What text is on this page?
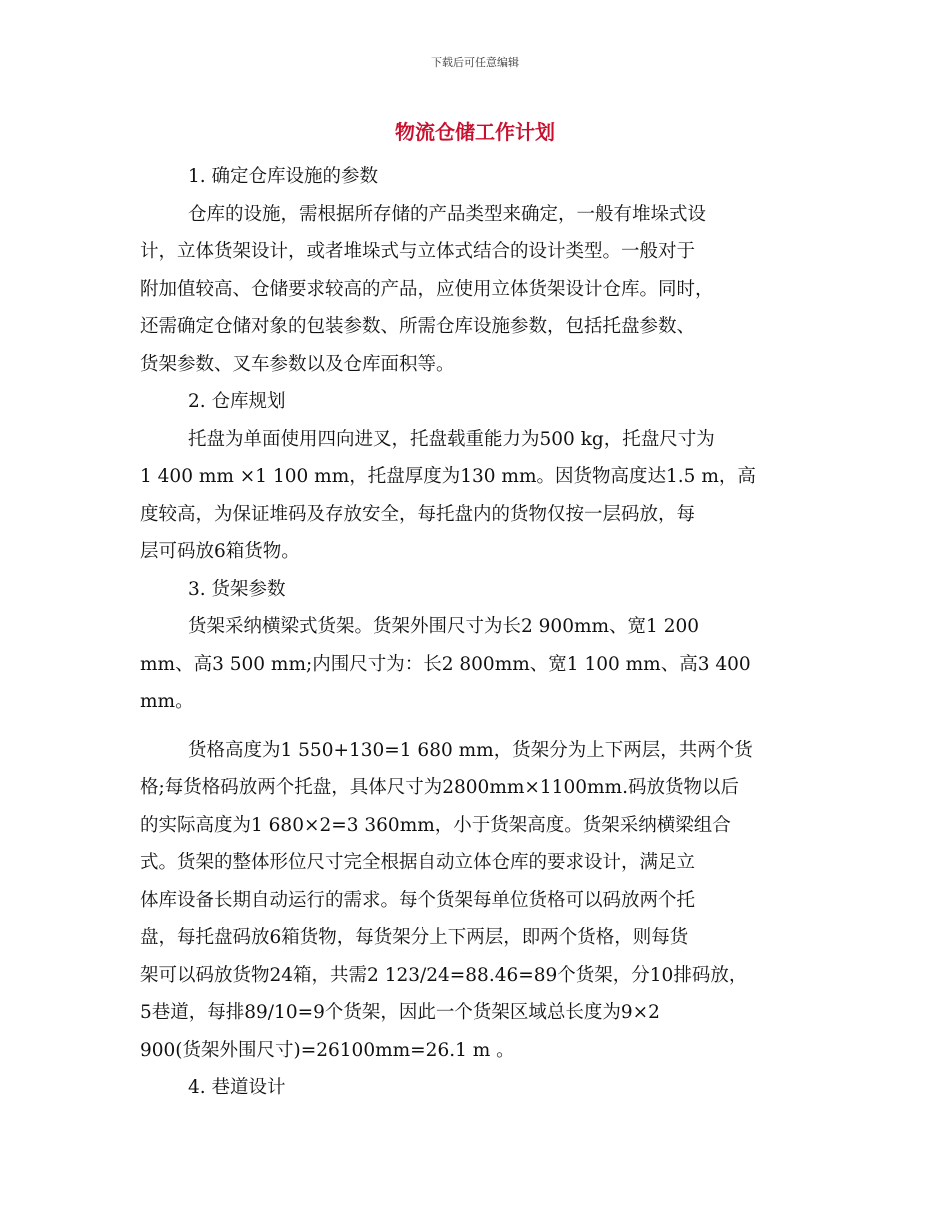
下载后可任意编辑
物流仓储工作计划
1. 确定仓库设施的参数
仓库的设施，需根据所存储的产品类型来确定，一般有堆垛式设
计，立体货架设计，或者堆垛式与立体式结合的设计类型。一般对于
附加值较高、仓储要求较高的产品，应使用立体货架设计仓库。同时，
还需确定仓储对象的包装参数、所需仓库设施参数，包括托盘参数、
货架参数、叉车参数以及仓库面积等。
2. 仓库规划
托盘为单面使用四向进叉，托盘载重能力为500 kg，托盘尺寸为
1 400 mm ×1 100 mm，托盘厚度为130 mm。因货物高度达1.5 m，高
度较高，为保证堆码及存放安全，每托盘内的货物仅按一层码放，每
层可码放6箱货物。
3. 货架参数
货架采纳横梁式货架。货架外围尺寸为长2 900mm、宽1 200
mm、高3 500 mm;内围尺寸为：长2 800mm、宽1 100 mm、高3 400
mm。
货格高度为1 550+130=1 680 mm，货架分为上下两层，共两个货
格;每货格码放两个托盘，具体尺寸为2800mm×1100mm.码放货物以后
的实际高度为1 680×2=3 360mm，小于货架高度。货架采纳横梁组合
式。货架的整体形位尺寸完全根据自动立体仓库的要求设计，满足立
体库设备长期自动运行的需求。每个货架每单位货格可以码放两个托
盘，每托盘码放6箱货物，每货架分上下两层，即两个货格，则每货
架可以码放货物24箱，共需2 123/24=88.46=89个货架，分10排码放，
5巷道，每排89/10=9个货架，因此一个货架区域总长度为9×2
900(货架外围尺寸)=26100mm=26.1 m 。
4. 巷道设计
